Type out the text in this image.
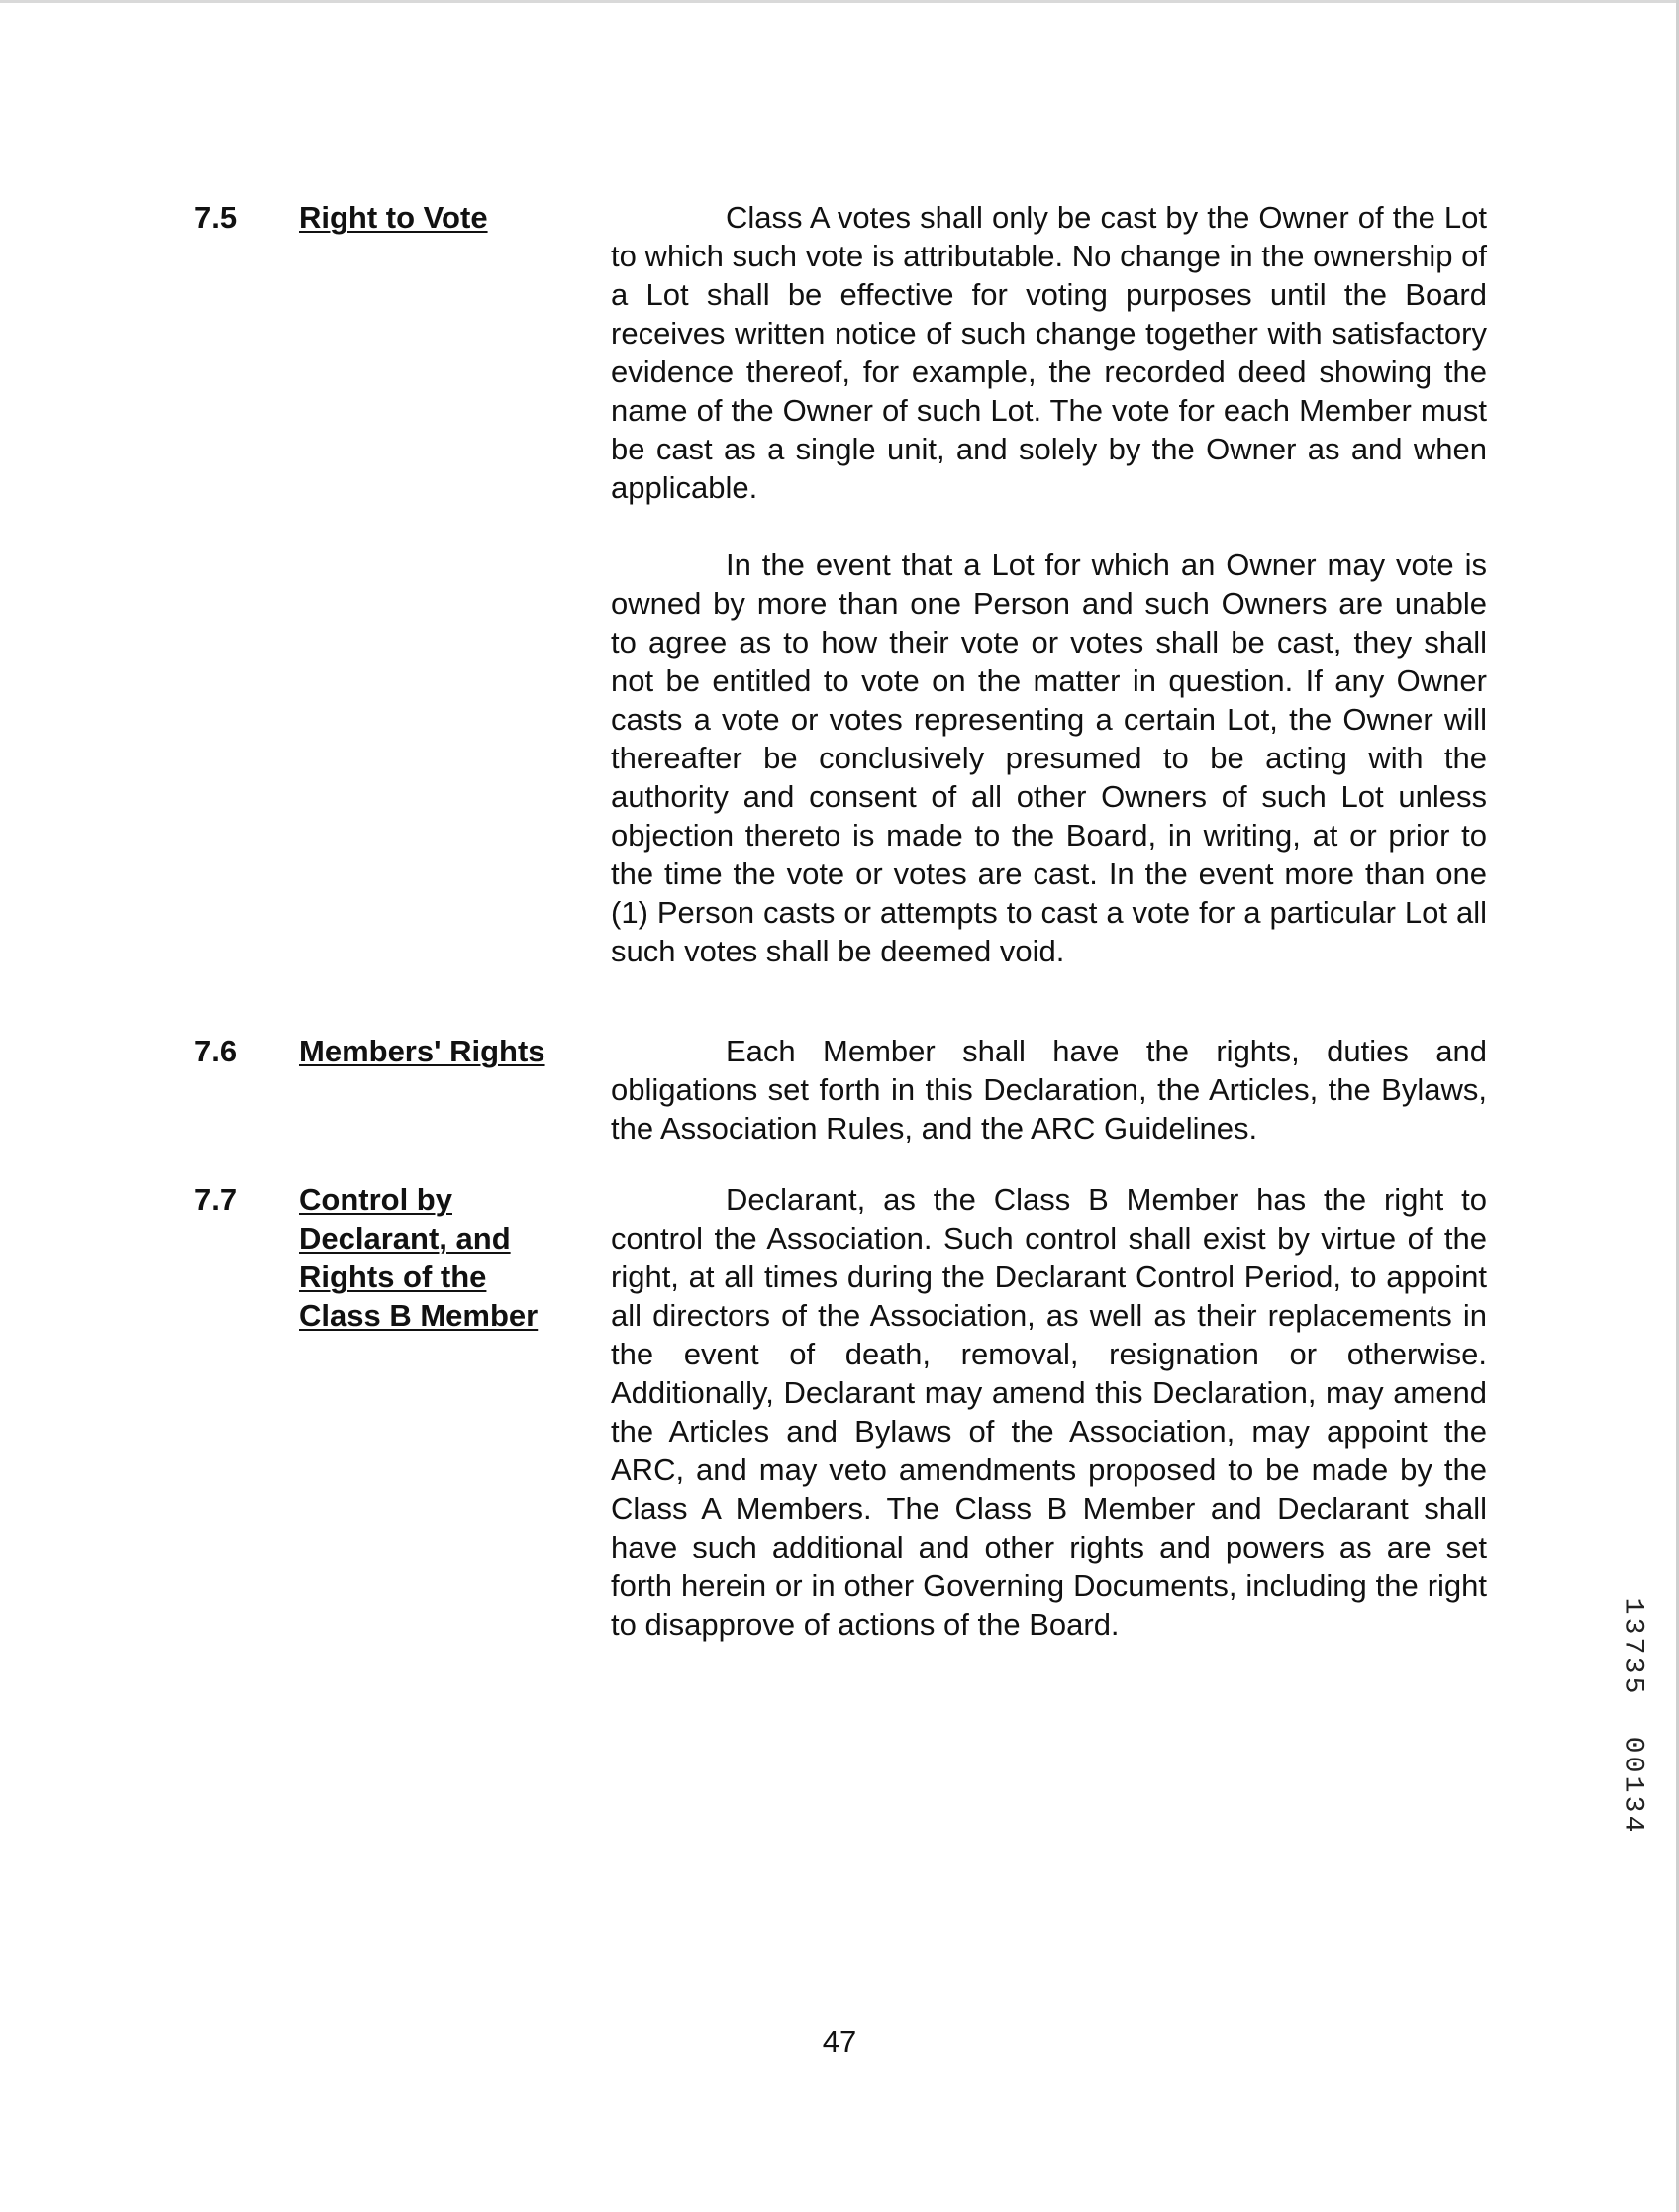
7.5 Right to Vote	Class A votes shall only be cast by the Owner of the Lot to which such vote is attributable. No change in the ownership of a Lot shall be effective for voting purposes until the Board receives written notice of such change together with satisfactory evidence thereof, for example, the recorded deed showing the name of the Owner of such Lot. The vote for each Member must be cast as a single unit, and solely by the Owner as and when applicable.

In the event that a Lot for which an Owner may vote is owned by more than one Person and such Owners are unable to agree as to how their vote or votes shall be cast, they shall not be entitled to vote on the matter in question. If any Owner casts a vote or votes representing a certain Lot, the Owner will thereafter be conclusively presumed to be acting with the authority and consent of all other Owners of such Lot unless objection thereto is made to the Board, in writing, at or prior to the time the vote or votes are cast. In the event more than one (1) Person casts or attempts to cast a vote for a particular Lot all such votes shall be deemed void.

7.6 Members' Rights	Each Member shall have the rights, duties and obligations set forth in this Declaration, the Articles, the Bylaws, the Association Rules, and the ARC Guidelines.

7.7 Control by
Declarant, and
Rights of the
Class B Member

Declarant, as the Class B Member has the right to control the Association. Such control shall exist by virtue of the right, at all times during the Declarant Control Period, to appoint all directors of the Association, as well as their replacements in the event of death, removal, resignation or otherwise. Additionally, Declarant may amend this Declaration, may amend the Articles and Bylaws of the Association, may appoint the ARC, and may veto amendments proposed to be made by the Class A Members. The Class B Member and Declarant shall have such additional and other rights and powers as are set forth herein or in other Governing Documents, including the right to disapprove of actions of the Board.

47
1
3
7
3
5
0
0
1
3
4
